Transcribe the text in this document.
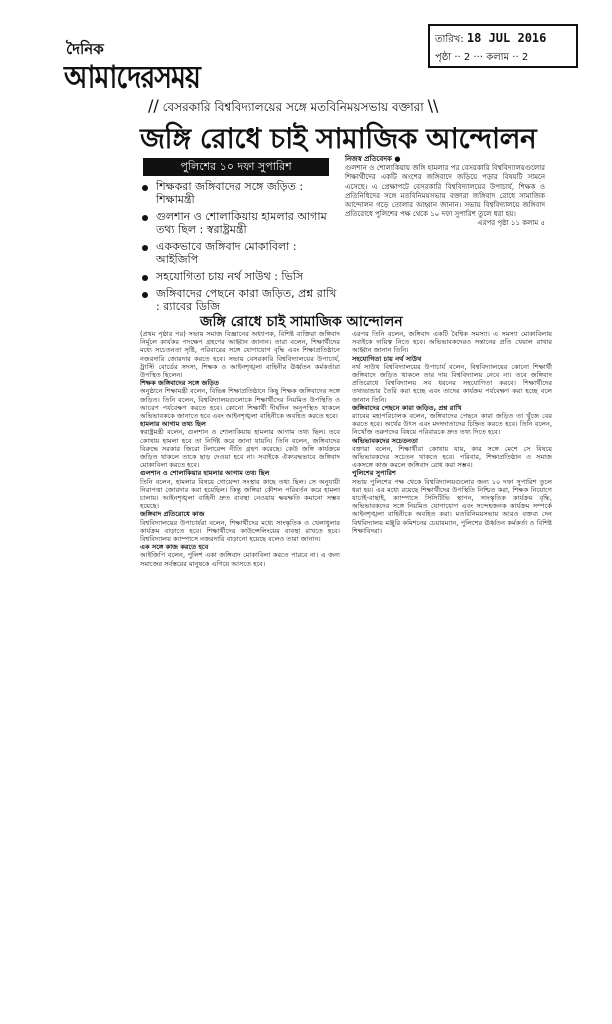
দৈনিক
আমাদেরসময়
তারিখ: 18 JUL 2016
পৃষ্ঠা ·· 2 ··· কলাম ·· 2
// বেসরকারি বিশ্ববিদ্যালয়ের সঙ্গে মতবিনিময়সভায় বক্তারা \\
জঙ্গি রোধে চাই সামাজিক আন্দোলন
পুলিশের ১০ দফা সুপারিশ
শিক্ষকরা জঙ্গিবাদের সঙ্গে জড়িত : শিক্ষামন্ত্রী
গুলশান ও শোলাকিয়ায় হামলার আগাম তথ্য ছিল : স্বরাষ্ট্রমন্ত্রী
এককভাবে জঙ্গিবাদ মোকাবিলা : আইজিপি
সহযোগিতা চায় নর্থ সাউথ : ভিসি
জঙ্গিবাদের পেছনে কারা জড়িত, প্রশ্ন রাখি : র‌্যাবের ডিজি
নিজস্ব প্রতিবেদক ●
গুলশান ও শোলাকিয়ায় জঙ্গি হামলার পর বেসরকারি বিশ্ববিদ্যালয়গুলোর শিক্ষার্থীদের একটি অংশের জঙ্গিবাদে জড়িয়ে পড়ার বিষয়টি সামনে এসেছে। এ প্রেক্ষাপটে বেসরকারি বিশ্ববিদ্যালয়ের উপাচার্য, শিক্ষক ও প্রতিনিধিদের সঙ্গে মতবিনিময়সভায় বক্তারা জঙ্গিবাদ রোধে সামাজিক আন্দোলন গড়ে তোলার আহ্বান জানান। সভায় বিশ্ববিদ্যালয়ে জঙ্গিবাদ প্রতিরোধে পুলিশের পক্ষ থেকে ১০ দফা সুপারিশ তুলে ধরা হয়।
এরপর পৃষ্ঠা ১১ কলাম ৫
জঙ্গি রোধে চাই সামাজিক আন্দোলন

(প্রথম পৃষ্ঠার পর) সভায় সমাজ বিজ্ঞানের অধ্যাপক, বিশিষ্ট ব্যক্তিরা জঙ্গিবাদ নির্মূলে কার্যকর পদক্ষেপ গ্রহণের আহ্বান জানান। তারা বলেন, শিক্ষার্থীদের মধ্যে সচেতনতা সৃষ্টি, পরিবারের সঙ্গে যোগাযোগ বৃদ্ধি এবং শিক্ষাপ্রতিষ্ঠানে নজরদারি জোরদার করতে হবে। সভায় বেসরকারি বিশ্ববিদ্যালয়ের উপাচার্য, ট্রাস্টি বোর্ডের সদস্য, শিক্ষক ও আইনশৃঙ্খলা বাহিনীর ঊর্ধ্বতন কর্মকর্তারা উপস্থিত ছিলেন।

শিক্ষক জঙ্গিবাদের সঙ্গে জড়িত

অনুষ্ঠানে শিক্ষামন্ত্রী বলেন, বিভিন্ন শিক্ষাপ্রতিষ্ঠানে কিছু শিক্ষক জঙ্গিবাদের সঙ্গে জড়িত। তিনি বলেন, বিশ্ববিদ্যালয়গুলোকে শিক্ষার্থীদের নিয়মিত উপস্থিতি ও আচরণ পর্যবেক্ষণ করতে হবে। কোনো শিক্ষার্থী দীর্ঘদিন অনুপস্থিত থাকলে অভিভাবককে জানাতে হবে এবং আইনশৃঙ্খলা বাহিনীকে অবহিত করতে হবে।

হামলার আগাম তথ্য ছিল

স্বরাষ্ট্রমন্ত্রী বলেন, গুলশান ও শোলাকিয়ায় হামলার আগাম তথ্য ছিল। তবে কোথায় হামলা হবে তা নির্দিষ্ট করে জানা যায়নি। তিনি বলেন, জঙ্গিবাদের বিরুদ্ধে সরকার জিরো টলারেন্স নীতি গ্রহণ করেছে। কেউ জঙ্গি কার্যক্রমে জড়িত থাকলে তাকে ছাড় দেওয়া হবে না। সবাইকে ঐক্যবদ্ধভাবে জঙ্গিবাদ মোকাবিলা করতে হবে।

গুলশান ও শোলাকিয়ার হামলার আগাম তথ্য ছিল

তিনি বলেন, হামলার বিষয়ে গোয়েন্দা সংস্থার কাছে তথ্য ছিল। সে অনুযায়ী নিরাপত্তা জোরদার করা হয়েছিল। কিন্তু জঙ্গিরা কৌশল পরিবর্তন করে হামলা চালায়। আইনশৃঙ্খলা বাহিনী দ্রুত ব্যবস্থা নেওয়ায় ক্ষয়ক্ষতি কমানো সম্ভব হয়েছে।

জঙ্গিবাদ প্রতিরোধে কাজ

বিশ্ববিদ্যালয়ের উপাচার্যরা বলেন, শিক্ষার্থীদের মধ্যে সাংস্কৃতিক ও খেলাধুলার কার্যক্রম বাড়াতে হবে। শিক্ষার্থীদের কাউন্সেলিংয়ের ব্যবস্থা রাখতে হবে। বিশ্ববিদ্যালয় ক্যাম্পাসে নজরদারি বাড়ানো হয়েছে বলেও তারা জানান।

এক সঙ্গে কাজ করতে হবে

আইজিপি বলেন, পুলিশ একা জঙ্গিবাদ মোকাবিলা করতে পারবে না। এ জন্য সমাজের সর্বস্তরের মানুষকে এগিয়ে আসতে হবে।

এরপর তিনি বলেন, জঙ্গিবাদ একটি বৈশ্বিক সমস্যা। এ সমস্যা মোকাবিলায় সবাইকে দায়িত্ব নিতে হবে। অভিভাবকদেরও সন্তানের প্রতি খেয়াল রাখার আহ্বান জানান তিনি।

সহযোগিতা চায় নর্থ সাউথ

নর্থ সাউথ বিশ্ববিদ্যালয়ের উপাচার্য বলেন, বিশ্ববিদ্যালয়ের কোনো শিক্ষার্থী জঙ্গিবাদে জড়িত থাকলে তার দায় বিশ্ববিদ্যালয় নেবে না। তবে জঙ্গিবাদ প্রতিরোধে বিশ্ববিদ্যালয় সব ধরনের সহযোগিতা করবে। শিক্ষার্থীদের তথ্যভান্ডার তৈরি করা হচ্ছে এবং তাদের কার্যক্রম পর্যবেক্ষণ করা হচ্ছে বলে জানান তিনি।

জঙ্গিবাদের পেছনে কারা জড়িত, প্রশ্ন রাখি

র‌্যাবের মহাপরিচালক বলেন, জঙ্গিবাদের পেছনে কারা জড়িত তা খুঁজে বের করতে হবে। অর্থের উৎস এবং মদদদাতাদের চিহ্নিত করতে হবে। তিনি বলেন, নিখোঁজ তরুণদের বিষয়ে পরিবারকে দ্রুত তথ্য দিতে হবে।

অভিভাবকদের সচেতনতা

বক্তারা বলেন, শিক্ষার্থীরা কোথায় যায়, কার সঙ্গে মেশে সে বিষয়ে অভিভাবকদের সচেতন থাকতে হবে। পরিবার, শিক্ষাপ্রতিষ্ঠান ও সমাজ একসঙ্গে কাজ করলে জঙ্গিবাদ রোধ করা সম্ভব।

পুলিশের সুপারিশ

সভায় পুলিশের পক্ষ থেকে বিশ্ববিদ্যালয়গুলোর জন্য ১০ দফা সুপারিশ তুলে ধরা হয়। এর মধ্যে রয়েছে শিক্ষার্থীদের উপস্থিতি নিশ্চিত করা, শিক্ষক নিয়োগে যাচাই-বাছাই, ক্যাম্পাসে সিসিটিভি স্থাপন, সাংস্কৃতিক কার্যক্রম বৃদ্ধি, অভিভাবকদের সঙ্গে নিয়মিত যোগাযোগ এবং সন্দেহজনক কার্যক্রম সম্পর্কে আইনশৃঙ্খলা বাহিনীকে অবহিত করা। মতবিনিময়সভায় আরও বক্তব্য দেন বিশ্ববিদ্যালয় মঞ্জুরি কমিশনের চেয়ারম্যান, পুলিশের ঊর্ধ্বতন কর্মকর্তা ও বিশিষ্ট শিক্ষাবিদরা।
